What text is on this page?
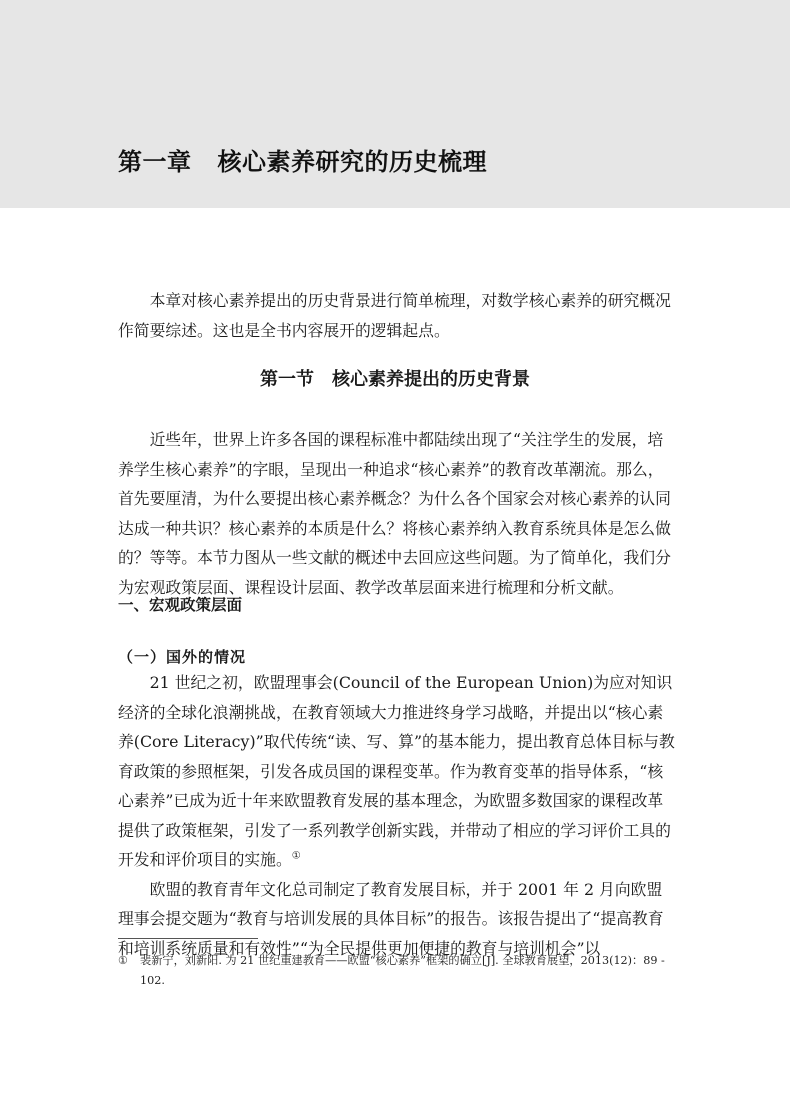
第一章 核心素养研究的历史梳理

本章对核心素养提出的历史背景进行简单梳理，对数学核心素养的研究概况作简要综述。这也是全书内容展开的逻辑起点。

第一节 核心素养提出的历史背景

近些年，世界上许多各国的课程标准中都陆续出现了“关注学生的发展，培养学生核心素养”的字眼，呈现出一种追求“核心素养”的教育改革潮流。那么，首先要厘清，为什么要提出核心素养概念？为什么各个国家会对核心素养的认同达成一种共识？核心素养的本质是什么？将核心素养纳入教育系统具体是怎么做的？等等。本节力图从一些文献的概述中去回应这些问题。为了简单化，我们分为宏观政策层面、课程设计层面、教学改革层面来进行梳理和分析文献。

一、宏观政策层面
（一）国外的情况

21 世纪之初，欧盟理事会(Council of the European Union)为应对知识经济的全球化浪潮挑战，在教育领域大力推进终身学习战略，并提出以“核心素养(Core Literacy)”取代传统“读、写、算”的基本能力，提出教育总体目标与教育政策的参照框架，引发各成员国的课程变革。作为教育变革的指导体系，“核心素养”已成为近十年来欧盟教育发展的基本理念，为欧盟多数国家的课程改革提供了政策框架，引发了一系列教学创新实践，并带动了相应的学习评价工具的开发和评价项目的实施。①

欧盟的教育青年文化总司制定了教育发展目标，并于 2001 年 2 月向欧盟理事会提交题为“教育与培训发展的具体目标”的报告。该报告提出了“提高教育和培训系统质量和有效性”“为全民提供更加便捷的教育与培训机会”以

①	裴新宁，刘新阳. 为 21 世纪重建教育——欧盟“核心素养”框架的确立[J]. 全球教育展望，2013(12)：89 - 102.
